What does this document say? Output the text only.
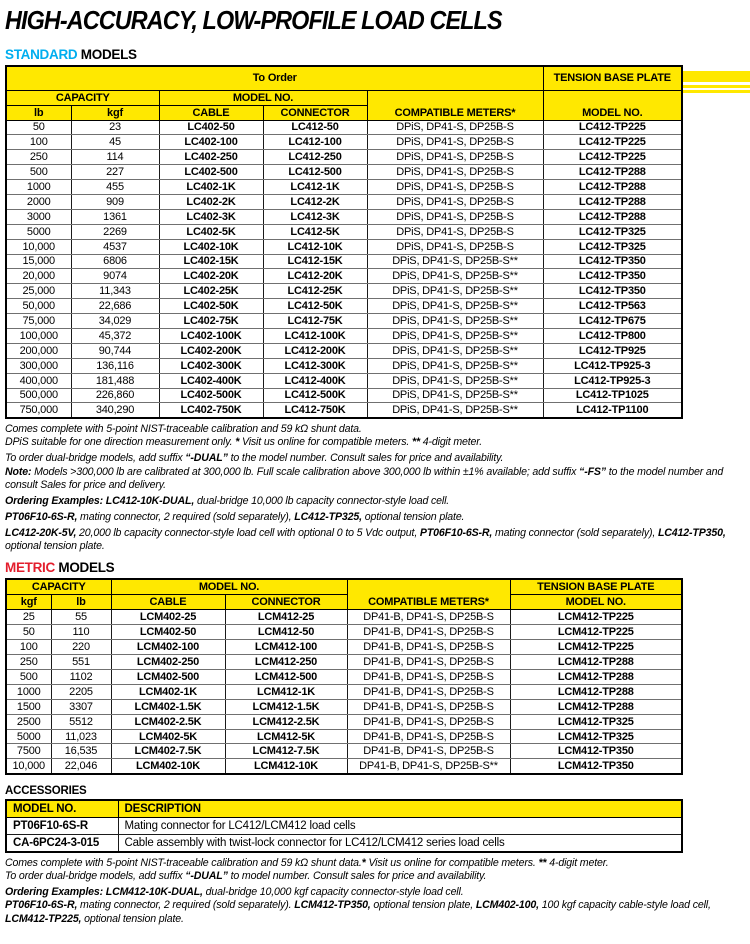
HIGH-ACCURACY, LOW-PROFILE LOAD CELLS
STANDARD MODELS
To Order					TENSION BASE PLATE
CAPACITY		MODEL NO.		COMPATIBLE METERS*	MODEL NO.
lb	kgf	CABLE	CONNECTOR		
50	23	LC402-50	LC412-50	DPiS, DP41-S, DP25B-S	LC412-TP225
100	45	LC402-100	LC412-100	DPiS, DP41-S, DP25B-S	LC412-TP225
250	114	LC402-250	LC412-250	DPiS, DP41-S, DP25B-S	LC412-TP225
500	227	LC402-500	LC412-500	DPiS, DP41-S, DP25B-S	LC412-TP288
1000	455	LC402-1K	LC412-1K	DPiS, DP41-S, DP25B-S	LC412-TP288
2000	909	LC402-2K	LC412-2K	DPiS, DP41-S, DP25B-S	LC412-TP288
3000	1361	LC402-3K	LC412-3K	DPiS, DP41-S, DP25B-S	LC412-TP288
5000	2269	LC402-5K	LC412-5K	DPiS, DP41-S, DP25B-S	LC412-TP325
10,000	4537	LC402-10K	LC412-10K	DPiS, DP41-S, DP25B-S	LC412-TP325
15,000	6806	LC402-15K	LC412-15K	DPiS, DP41-S, DP25B-S**	LC412-TP350
20,000	9074	LC402-20K	LC412-20K	DPiS, DP41-S, DP25B-S**	LC412-TP350
25,000	11,343	LC402-25K	LC412-25K	DPiS, DP41-S, DP25B-S**	LC412-TP350
50,000	22,686	LC402-50K	LC412-50K	DPiS, DP41-S, DP25B-S**	LC412-TP563
75,000	34,029	LC402-75K	LC412-75K	DPiS, DP41-S, DP25B-S**	LC412-TP675
100,000	45,372	LC402-100K	LC412-100K	DPiS, DP41-S, DP25B-S**	LC412-TP800
200,000	90,744	LC402-200K	LC412-200K	DPiS, DP41-S, DP25B-S**	LC412-TP925
300,000	136,116	LC402-300K	LC412-300K	DPiS, DP41-S, DP25B-S**	LC412-TP925-3
400,000	181,488	LC402-400K	LC412-400K	DPiS, DP41-S, DP25B-S**	LC412-TP925-3
500,000	226,860	LC402-500K	LC412-500K	DPiS, DP41-S, DP25B-S**	LC412-TP1025
750,000	340,290	LC402-750K	LC412-750K	DPiS, DP41-S, DP25B-S**	LC412-TP1100

Comes complete with 5-point NIST-traceable calibration and 59 kΩ shunt data.

DPiS suitable for one direction measurement only. * Visit us online for compatible meters. ** 4-digit meter.

To order dual-bridge models, add suffix “-DUAL” to the model number. Consult sales for price and availability.

Note: Models >300,000 lb are calibrated at 300,000 lb. Full scale calibration above 300,000 lb within ±1% available; add suffix “-FS” to the model number and consult Sales for price and delivery.

Ordering Examples: LC412-10K-DUAL, dual-bridge 10,000 lb capacity connector-style load cell.

PT06F10-6S-R, mating connector, 2 required (sold separately), LC412-TP325, optional tension plate.

LC412-20K-5V, 20,000 lb capacity connector-style load cell with optional 0 to 5 Vdc output, PT06F10-6S-R, mating connector (sold separately), LC412-TP350, optional tension plate.

METRIC MODELS
CAPACITY		MODEL NO.		COMPATIBLE METERS*	TENSION BASE PLATE
kgf	lb	CABLE	CONNECTOR		MODEL NO.
25	55	LCM402-25	LCM412-25	DP41-B, DP41-S, DP25B-S	LCM412-TP225
50	110	LCM402-50	LCM412-50	DP41-B, DP41-S, DP25B-S	LCM412-TP225
100	220	LCM402-100	LCM412-100	DP41-B, DP41-S, DP25B-S	LCM412-TP225
250	551	LCM402-250	LCM412-250	DP41-B, DP41-S, DP25B-S	LCM412-TP288
500	1102	LCM402-500	LCM412-500	DP41-B, DP41-S, DP25B-S	LCM412-TP288
1000	2205	LCM402-1K	LCM412-1K	DP41-B, DP41-S, DP25B-S	LCM412-TP288
1500	3307	LCM402-1.5K	LCM412-1.5K	DP41-B, DP41-S, DP25B-S	LCM412-TP288
2500	5512	LCM402-2.5K	LCM412-2.5K	DP41-B, DP41-S, DP25B-S	LCM412-TP325
5000	11,023	LCM402-5K	LCM412-5K	DP41-B, DP41-S, DP25B-S	LCM412-TP325
7500	16,535	LCM402-7.5K	LCM412-7.5K	DP41-B, DP41-S, DP25B-S	LCM412-TP350
10,000	22,046	LCM402-10K	LCM412-10K	DP41-B, DP41-S, DP25B-S**	LCM412-TP350
ACCESSORIES
MODEL NO.	DESCRIPTION
PT06F10-6S-R	Mating connector for LC412/LCM412 load cells
CA-6PC24-3-015	Cable assembly with twist-lock connector for LC412/LCM412 series load cells

Comes complete with 5-point NIST-traceable calibration and 59 kΩ shunt data.* Visit us online for compatible meters. ** 4-digit meter.

To order dual-bridge models, add suffix “-DUAL” to model number. Consult sales for price and availability.

Ordering Examples: LCM412-10K-DUAL, dual-bridge 10,000 kgf capacity connector-style load cell.

PT06F10-6S-R, mating connector, 2 required (sold separately). LCM412-TP350, optional tension plate, LCM402-100, 100 kgf capacity cable-style load cell, LCM412-TP225, optional tension plate.
